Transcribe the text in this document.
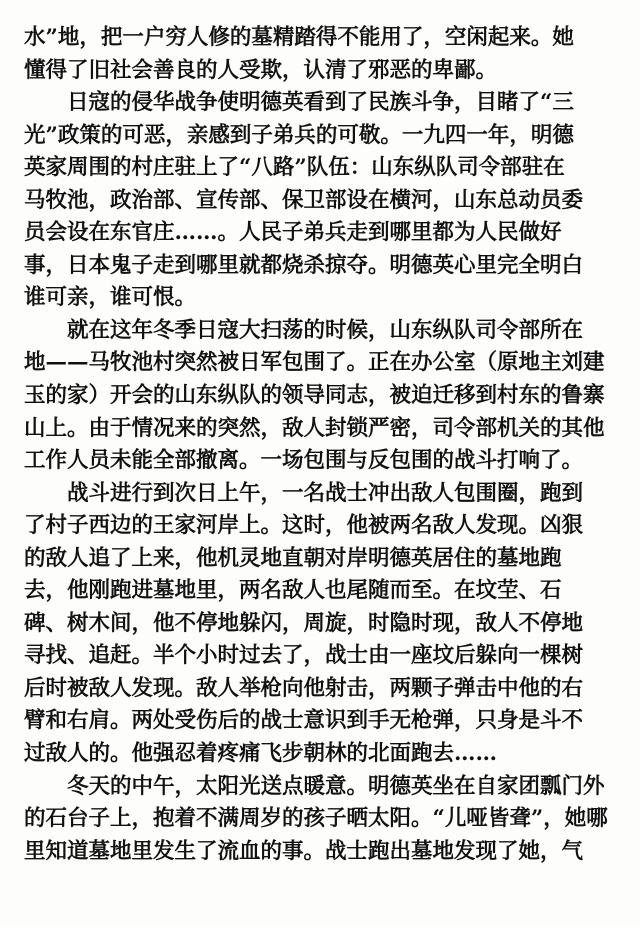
水”地，把一户穷人修的墓精踏得不能用了，空闲起来。她
懂得了旧社会善良的人受欺，认清了邪恶的卑鄙。

日寇的侵华战争使明德英看到了民族斗争，目睹了“三
光”政策的可恶，亲感到子弟兵的可敬。一九四一年，明德
英家周围的村庄驻上了“八路”队伍：山东纵队司令部驻在
马牧池，政治部、宣传部、保卫部设在横河，山东总动员委
员会设在东官庄……。人民子弟兵走到哪里都为人民做好
事，日本鬼子走到哪里就都烧杀掠夺。明德英心里完全明白
谁可亲，谁可恨。

就在这年冬季日寇大扫荡的时候，山东纵队司令部所在
地——马牧池村突然被日军包围了。正在办公室（原地主刘建
玉的家）开会的山东纵队的领导同志，被迫迁移到村东的鲁寨
山上。由于情况来的突然，敌人封锁严密，司令部机关的其他
工作人员未能全部撤离。一场包围与反包围的战斗打响了。

战斗进行到次日上午，一名战士冲出敌人包围圈，跑到
了村子西边的王家河岸上。这时，他被两名敌人发现。凶狠
的敌人追了上来，他机灵地直朝对岸明德英居住的墓地跑
去，他刚跑进墓地里，两名敌人也尾随而至。在坟茔、石
碑、树木间，他不停地躲闪，周旋，时隐时现，敌人不停地
寻找、追赶。半个小时过去了，战士由一座坟后躲向一棵树
后时被敌人发现。敌人举枪向他射击，两颗子弹击中他的右
臂和右肩。两处受伤后的战士意识到手无枪弹，只身是斗不
过敌人的。他强忍着疼痛飞步朝林的北面跑去……

冬天的中午，太阳光送点暖意。明德英坐在自家团瓢门外
的石台子上，抱着不满周岁的孩子晒太阳。“儿哑皆聋”，她哪
里知道墓地里发生了流血的事。战士跑出墓地发现了她，气
